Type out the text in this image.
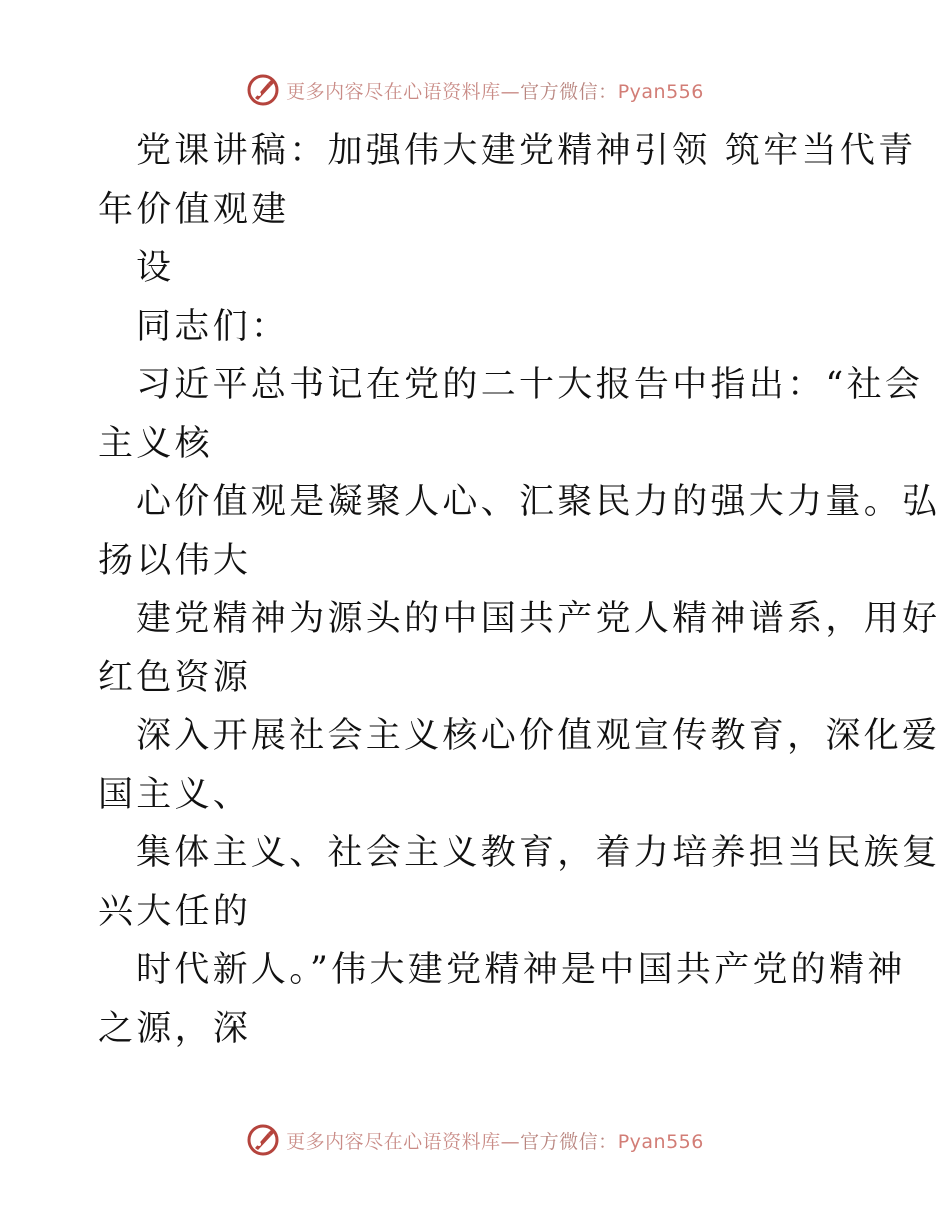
更多内容尽在心语资料库—官方微信：Pyan556

党课讲稿：加强伟大建党精神引领 筑牢当代青

年价值观建

设

同志们：

习近平总书记在党的二十大报告中指出：“社会

主义核

心价值观是凝聚人心、汇聚民力的强大力量。弘

扬以伟大

建党精神为源头的中国共产党人精神谱系，用好

红色资源

深入开展社会主义核心价值观宣传教育，深化爱

国主义、

集体主义、社会主义教育，着力培养担当民族复

兴大任的

时代新人。”伟大建党精神是中国共产党的精神

之源，深

更多内容尽在心语资料库—官方微信：Pyan556
